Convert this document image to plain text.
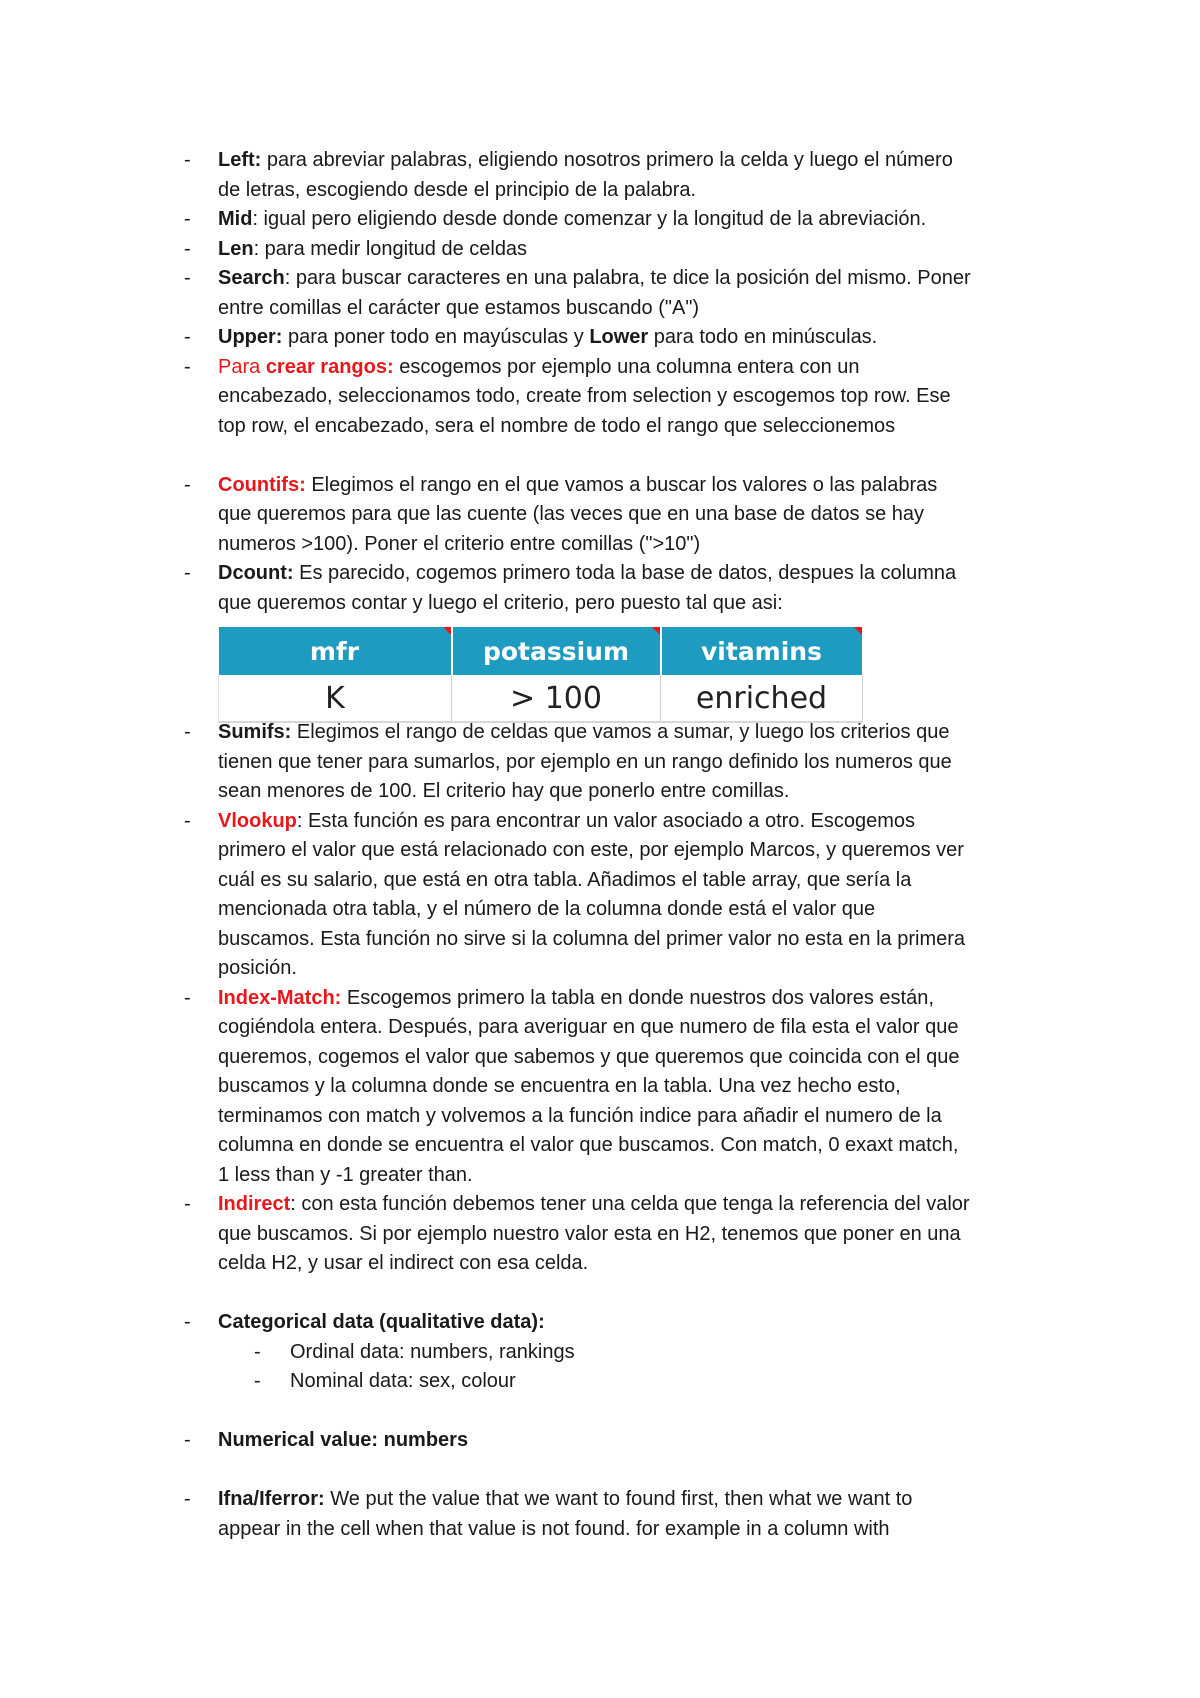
- Left: para abreviar palabras, eligiendo nosotros primero la celda y luego el número
de letras, escogiendo desde el principio de la palabra.
- Mid: igual pero eligiendo desde donde comenzar y la longitud de la abreviación.
- Len: para medir longitud de celdas
- Search: para buscar caracteres en una palabra, te dice la posición del mismo. Poner
entre comillas el carácter que estamos buscando ("A")
- Upper: para poner todo en mayúsculas y Lower para todo en minúsculas.
- Para crear rangos: escogemos por ejemplo una columna entera con un
encabezado, seleccionamos todo, create from selection y escogemos top row. Ese
top row, el encabezado, sera el nombre de todo el rango que seleccionemos
- Countifs: Elegimos el rango en el que vamos a buscar los valores o las palabras
que queremos para que las cuente (las veces que en una base de datos se hay
numeros >100). Poner el criterio entre comillas (">10")
- Dcount: Es parecido, cogemos primero toda la base de datos, despues la columna
que queremos contar y luego el criterio, pero puesto tal que asi:
mfr	potassium	vitamins

K	> 100	enriched
- Sumifs: Elegimos el rango de celdas que vamos a sumar, y luego los criterios que
tienen que tener para sumarlos, por ejemplo en un rango definido los numeros que
sean menores de 100. El criterio hay que ponerlo entre comillas.
- Vlookup: Esta función es para encontrar un valor asociado a otro. Escogemos
primero el valor que está relacionado con este, por ejemplo Marcos, y queremos ver
cuál es su salario, que está en otra tabla. Añadimos el table array, que sería la
mencionada otra tabla, y el número de la columna donde está el valor que
buscamos. Esta función no sirve si la columna del primer valor no esta en la primera
posición.
- Index-Match: Escogemos primero la tabla en donde nuestros dos valores están,
cogiéndola entera. Después, para averiguar en que numero de fila esta el valor que
queremos, cogemos el valor que sabemos y que queremos que coincida con el que
buscamos y la columna donde se encuentra en la tabla. Una vez hecho esto,
terminamos con match y volvemos a la función indice para añadir el numero de la
columna en donde se encuentra el valor que buscamos. Con match, 0 exaxt match,
1 less than y -1 greater than.
- Indirect: con esta función debemos tener una celda que tenga la referencia del valor
que buscamos. Si por ejemplo nuestro valor esta en H2, tenemos que poner en una
celda H2, y usar el indirect con esa celda.
- Categorical data (qualitative data):
- Ordinal data: numbers, rankings
- Nominal data: sex, colour
- Numerical value: numbers
- Ifna/Iferror: We put the value that we want to found first, then what we want to
appear in the cell when that value is not found. for example in a column with
